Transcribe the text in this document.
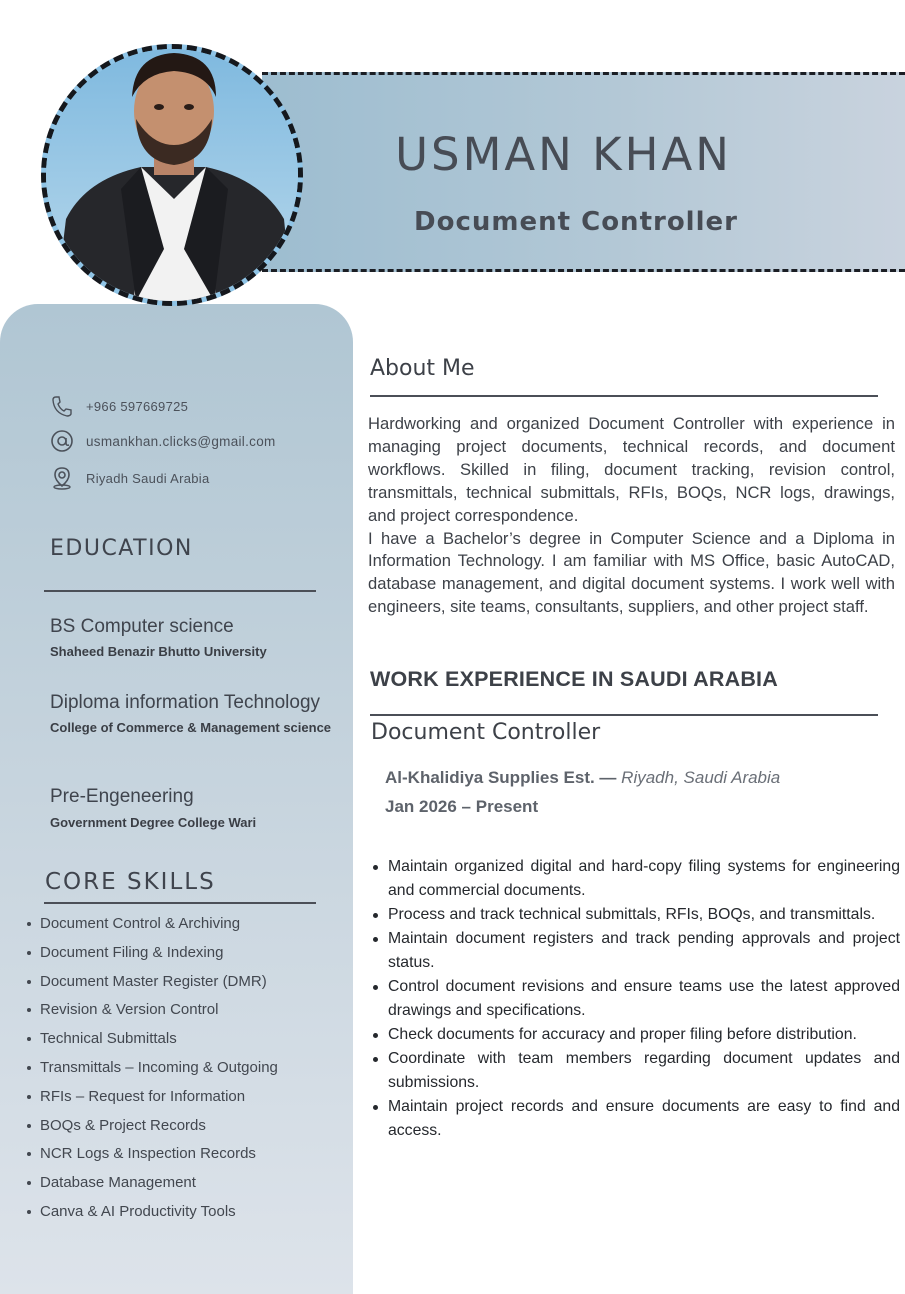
USMAN KHAN
Document Controller
+966 597669725
usmankhan.clicks@gmail.com
Riyadh Saudi Arabia
EDUCATION
BS Computer science
Shaheed Benazir Bhutto University
Diploma information Technology
College of Commerce & Management science
Pre-Engeneering
Government Degree College Wari
CORE SKILLS
Document Control & Archiving
Document Filing & Indexing
Document Master Register (DMR)
Revision & Version Control
Technical Submittals
Transmittals – Incoming & Outgoing
RFIs – Request for Information
BOQs & Project Records
NCR Logs & Inspection Records
Database Management
Canva & AI Productivity Tools
About Me

Hardworking and organized Document Controller with experience in managing project documents, technical records, and document workflows. Skilled in filing, document tracking, revision control, transmittals, technical submittals, RFIs, BOQs, NCR logs, drawings, and project correspondence.

I have a Bachelor’s degree in Computer Science and a Diploma in Information Technology. I am familiar with MS Office, basic AutoCAD, database management, and digital document systems. I work well with engineers, site teams, consultants, suppliers, and other project staff.

WORK EXPERIENCE IN SAUDI ARABIA
Document Controller
Al-Khalidiya Supplies Est. — Riyadh, Saudi Arabia
Jan 2026 – Present
Maintain organized digital and hard-copy filing systems for engineering and commercial documents.
Process and track technical submittals, RFIs, BOQs, and transmittals.
Maintain document registers and track pending approvals and project status.
Control document revisions and ensure teams use the latest approved drawings and specifications.
Check documents for accuracy and proper filing before distribution.
Coordinate with team members regarding document updates and submissions.
Maintain project records and ensure documents are easy to find and access.
